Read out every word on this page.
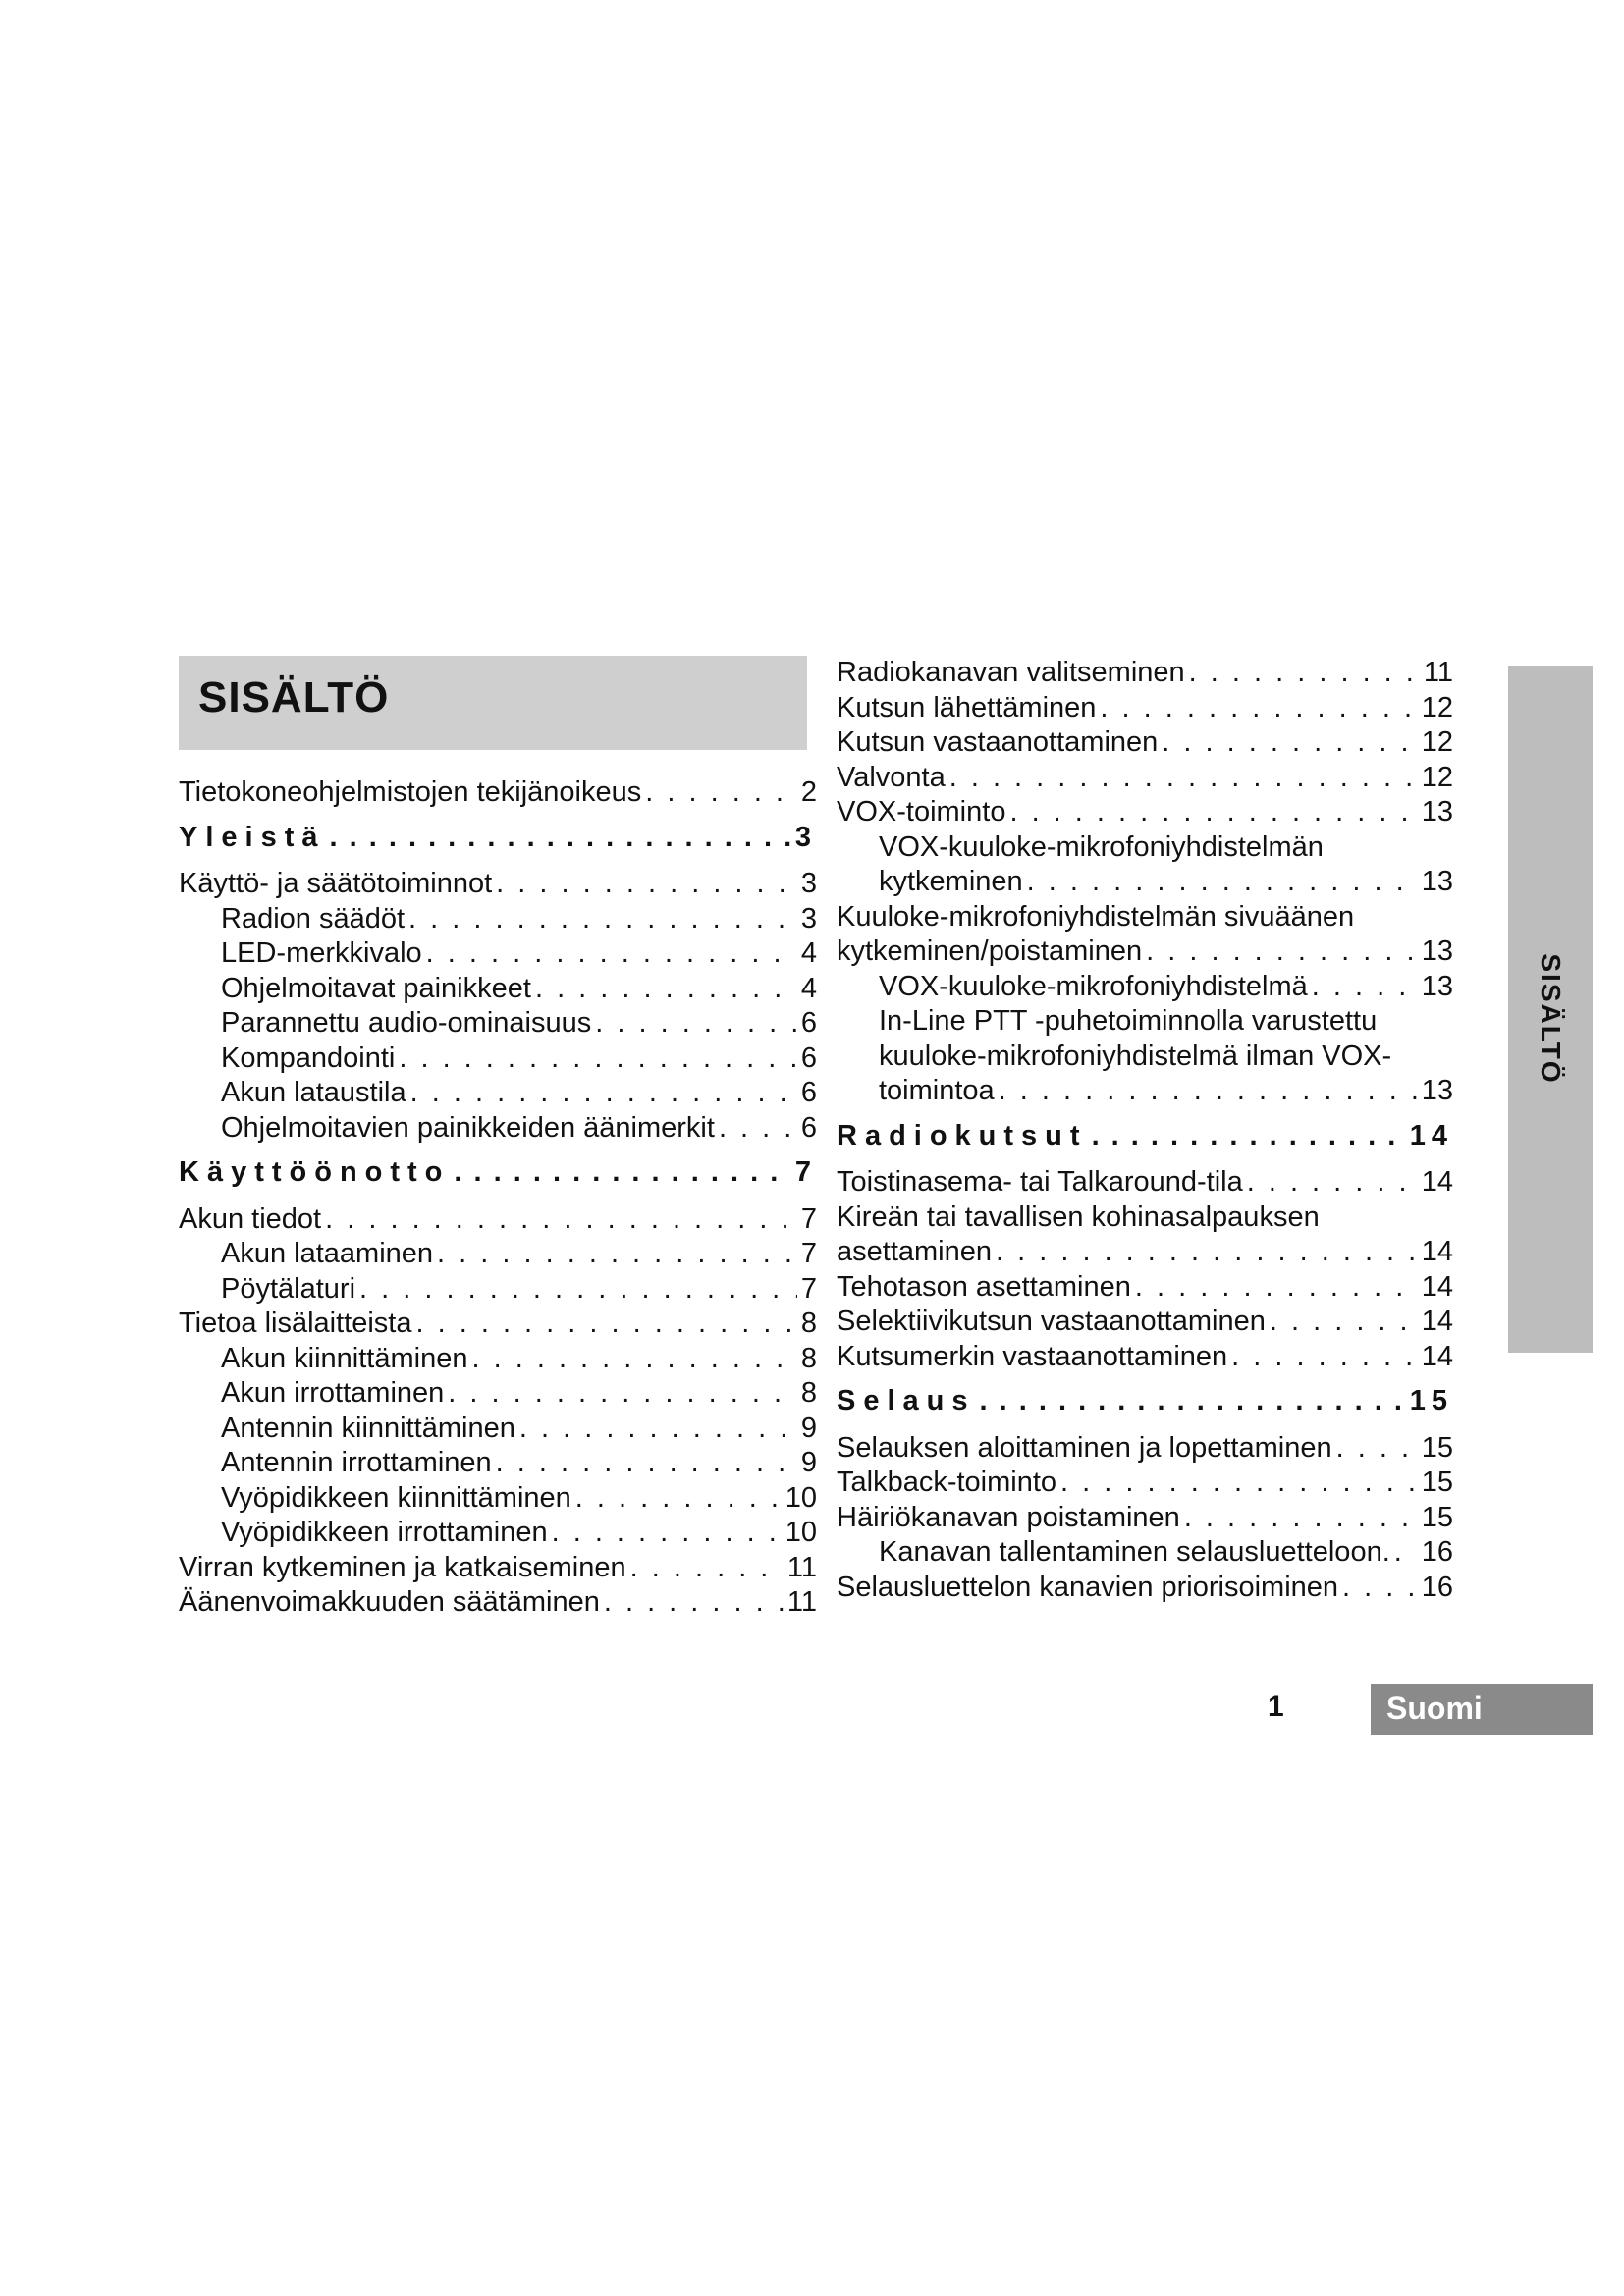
SISÄLTÖ
Tietokoneohjelmistojen tekijänoikeus . . .	2
Yleistä . . .	3
Käyttö- ja säätötoiminnot . . .	3
Radion säädöt . . .	3
LED-merkkivalo . . .	4
Ohjelmoitavat painikkeet . . .	4
Parannettu audio-ominaisuus . . .	6
Kompandointi . . .	6
Akun lataustila . . .	6
Ohjelmoitavien painikkeiden äänimerkit . . .	6
Käyttöönotto . . .	7
Akun tiedot . . .	7
Akun lataaminen . . .	7
Pöytälaturi . . .	7
Tietoa lisälaitteista . . .	8
Akun kiinnittäminen . . .	8
Akun irrottaminen . . .	8
Antennin kiinnittäminen . . .	9
Antennin irrottaminen . . .	9
Vyöpidikkeen kiinnittäminen . . .	10
Vyöpidikkeen irrottaminen . . .	10
Virran kytkeminen ja katkaiseminen . . .	11
Äänenvoimakkuuden säätäminen . . .	11
Radiokanavan valitseminen . . .	11
Kutsun lähettäminen . . .	12
Kutsun vastaanottaminen . . .	12
Valvonta . . .	12
VOX-toiminto . . .	13
VOX-kuuloke-mikrofoniyhdistelmän
kytkeminen . . .	13
Kuuloke-mikrofoniyhdistelmän sivuäänen
kytkeminen/poistaminen . . .	13
VOX-kuuloke-mikrofoniyhdistelmä . . .	13
In-Line PTT -puhetoiminnolla varustettu
kuuloke-mikrofoniyhdistelmä ilman VOX-
toimintoa . . .	13
Radiokutsut . . .	14
Toistinasema- tai Talkaround-tila . . .	14
Kireän tai tavallisen kohinasalpauksen
asettaminen . . .	14
Tehotason asettaminen . . .	14
Selektiivikutsun vastaanottaminen . . .	14
Kutsumerkin vastaanottaminen . . .	14
Selaus . . .	15
Selauksen aloittaminen ja lopettaminen . . .	15
Talkback-toiminto . . .	15
Häiriökanavan poistaminen . . .	15
Kanavan tallentaminen selausluetteloon. . . . 16
Selausluettelon kanavien priorisoiminen . . .	16
SISÄLTÖ
1	Suomi
